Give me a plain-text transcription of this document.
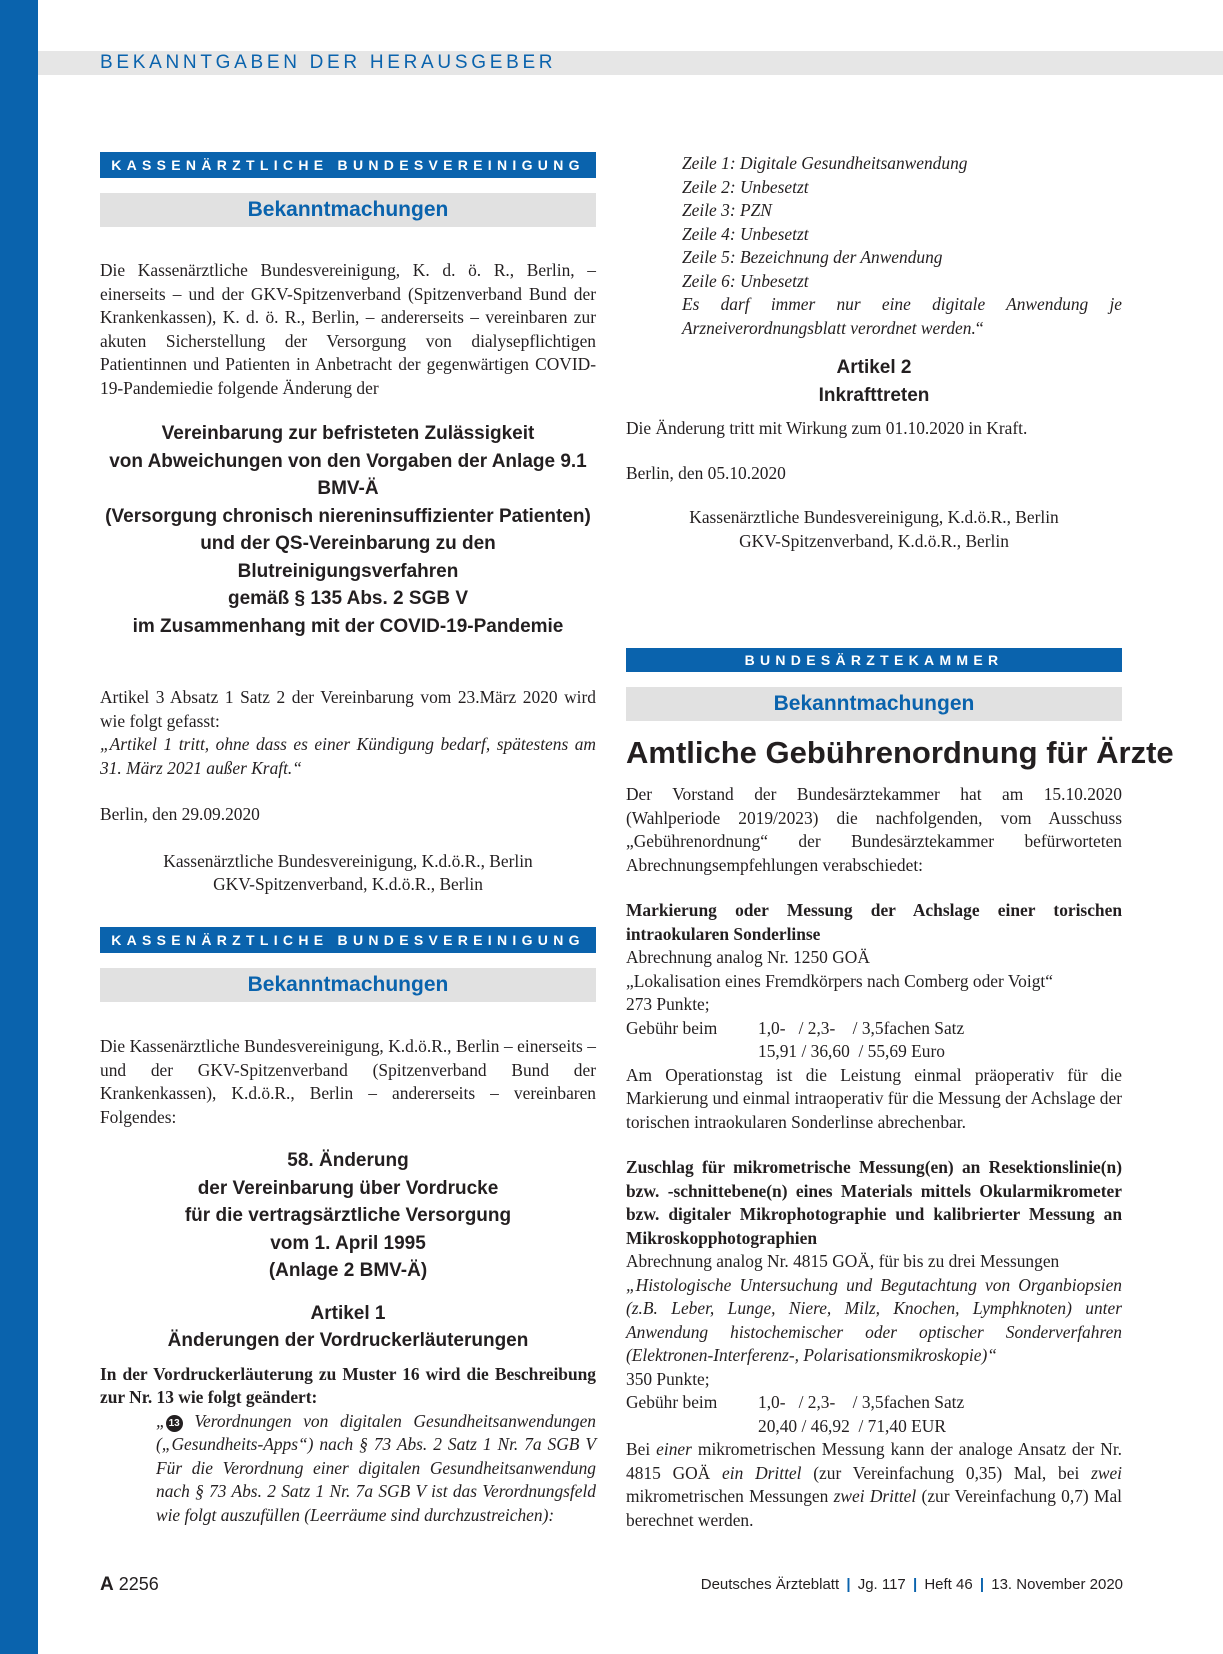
BEKANNTGABEN DER HERAUSGEBER
KASSENÄRZTLICHE BUNDESVEREINIGUNG
Bekanntmachungen

Die Kassenärztliche Bundesvereinigung, K. d. ö. R., Berlin, – einerseits – und der GKV-Spitzenverband (Spitzenverband Bund der Krankenkassen), K. d. ö. R., Berlin, – andererseits – vereinbaren zur akuten Sicherstellung der Versorgung von dialysepflichtigen Patientinnen und Patienten in Anbetracht der gegenwärtigen COVID-19-Pandemiedie folgende Änderung der

Vereinbarung zur befristeten Zulässigkeit

von Abweichungen von den Vorgaben der Anlage 9.1 BMV-Ä

(Versorgung chronisch niereninsuffizienter Patienten)

und der QS-Vereinbarung zu den Blutreinigungsverfahren

gemäß § 135 Abs. 2 SGB V

im Zusammenhang mit der COVID-19-Pandemie

Artikel 3 Absatz 1 Satz 2 der Vereinbarung vom 23.März 2020 wird wie folgt gefasst:

„Artikel 1 tritt, ohne dass es einer Kündigung bedarf, spätestens am 31. März 2021 außer Kraft.“

Berlin, den 29.09.2020

Kassenärztliche Bundesvereinigung, K.d.ö.R., Berlin

GKV-Spitzenverband, K.d.ö.R., Berlin

KASSENÄRZTLICHE BUNDESVEREINIGUNG
Bekanntmachungen

Die Kassenärztliche Bundesvereinigung, K.d.ö.R., Berlin – einerseits – und der GKV-Spitzenverband (Spitzenverband Bund der Krankenkassen), K.d.ö.R., Berlin – andererseits – vereinbaren Folgendes:

58. Änderung

der Vereinbarung über Vordrucke

für die vertragsärztliche Versorgung

vom 1. April 1995

(Anlage 2 BMV-Ä)

Artikel 1

Änderungen der Vordruckerläuterungen

In der Vordruckerläuterung zu Muster 16 wird die Beschreibung zur Nr. 13 wie folgt geändert:

„ 13 Verordnungen von digitalen Gesundheitsanwendungen („Gesundheits-Apps“) nach § 73 Abs. 2 Satz 1 Nr. 7a SGB V Für die Verordnung einer digitalen Gesundheitsanwendung nach § 73 Abs. 2 Satz 1 Nr. 7a SGB V ist das Verordnungsfeld wie folgt auszufüllen (Leerräume sind durchzustreichen):

Zeile 1: Digitale Gesundheitsanwendung

Zeile 2: Unbesetzt

Zeile 3: PZN

Zeile 4: Unbesetzt

Zeile 5: Bezeichnung der Anwendung

Zeile 6: Unbesetzt

Es darf immer nur eine digitale Anwendung je Arzneiverordnungsblatt verordnet werden.“

Artikel 2

Inkrafttreten

Die Änderung tritt mit Wirkung zum 01.10.2020 in Kraft.

Berlin, den 05.10.2020

Kassenärztliche Bundesvereinigung, K.d.ö.R., Berlin

GKV-Spitzenverband, K.d.ö.R., Berlin

BUNDESÄRZTEKAMMER
Bekanntmachungen
Amtliche Gebührenordnung für Ärzte

Der Vorstand der Bundesärztekammer hat am 15.10.2020 (Wahlperiode 2019/2023) die nachfolgenden, vom Ausschuss „Gebührenordnung“ der Bundesärztekammer befürworteten Abrechnungsempfehlungen verabschiedet:

Markierung oder Messung der Achslage einer torischen intraokularen Sonderlinse

Abrechnung analog Nr. 1250 GOÄ

„Lokalisation eines Fremdkörpers nach Comberg oder Voigt“

273 Punkte;

Gebühr beim	1,0-   / 2,3-    / 3,5fachen Satz
15,91 / 36,60  / 55,69 Euro

Am Operationstag ist die Leistung einmal präoperativ für die Markierung und einmal intraoperativ für die Messung der Achslage der torischen intraokularen Sonderlinse abrechenbar.

Zuschlag für mikrometrische Messung(en) an Resektionslinie(n) bzw. -schnittebene(n) eines Materials mittels Okularmikrometer bzw. digitaler Mikrophotographie und kalibrierter Messung an Mikroskopphotographien

Abrechnung analog Nr. 4815 GOÄ, für bis zu drei Messungen

„Histologische Untersuchung und Begutachtung von Organbiopsien (z.B. Leber, Lunge, Niere, Milz, Knochen, Lymphknoten) unter Anwendung histochemischer oder optischer Sonderverfahren (Elektronen-Interferenz-, Polarisationsmikroskopie)“

350 Punkte;

Gebühr beim	1,0-   / 2,3-    / 3,5fachen Satz
20,40 / 46,92  / 71,40 EUR

Bei einer mikrometrischen Messung kann der analoge Ansatz der Nr. 4815 GOÄ ein Drittel (zur Vereinfachung 0,35) Mal, bei zwei mikrometrischen Messungen zwei Drittel (zur Vereinfachung 0,7) Mal berechnet werden.

A 2256	Deutsches Ärzteblatt | Jg. 117 | Heft 46 | 13. November 2020
